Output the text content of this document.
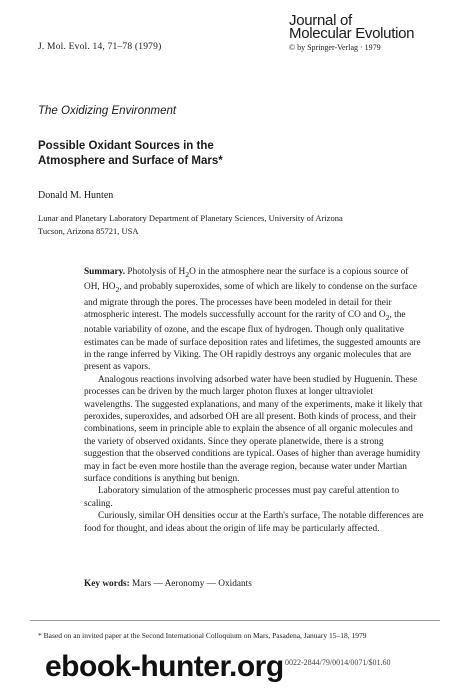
J. Mol. Evol. 14, 71–78 (1979)
Journal of
Molecular Evolution
© by Springer-Verlag · 1979
The Oxidizing Environment
Possible Oxidant Sources in the
Atmosphere and Surface of Mars*
Donald M. Hunten
Lunar and Planetary Laboratory Department of Planetary Sciences, University of Arizona
Tucson, Arizona 85721, USA

Summary. Photolysis of $H_2O$ in the atmosphere near the surface is a copious source of OH, $HO_2$, and probably superoxides, some of which are likely to condense on the surface and migrate through the pores. The processes have been modeled in detail for their atmospheric interest. The models successfully account for the rarity of CO and $O_2$, the notable variability of ozone, and the escape flux of hydrogen. Though only qualitative estimates can be made of surface deposition rates and lifetimes, the suggested amounts are in the range inferred by Viking. The OH rapidly destroys any organic molecules that are present as vapors.

Analogous reactions involving adsorbed water have been studied by Huguenin. These processes can be driven by the much larger photon fluxes at longer ultraviolet wavelengths. The suggested explanations, and many of the experiments, make it likely that peroxides, superoxides, and adsorbed OH are all present. Both kinds of process, and their combinations, seem in principle able to explain the absence of all organic molecules and the variety of observed oxidants. Since they operate planetwide, there is a strong suggestion that the observed conditions are typical. Oases of higher than average humidity may in fact be even more hostile than the average region, because water under Martian surface conditions is anything but benign.

Laboratory simulation of the atmospheric processes must pay careful attention to scaling.

Curiously, similar OH densities occur at the Earth's surface, The notable differences are food for thought, and ideas about the origin of life may be particularly affected.

Key words: Mars — Aeronomy — Oxidants
* Based on an invited paper at the Second International Colloquium on Mars, Pasadena, January 15–18, 1979
0022-2844/79/0014/0071/$01.60
ebook-hunter.org
